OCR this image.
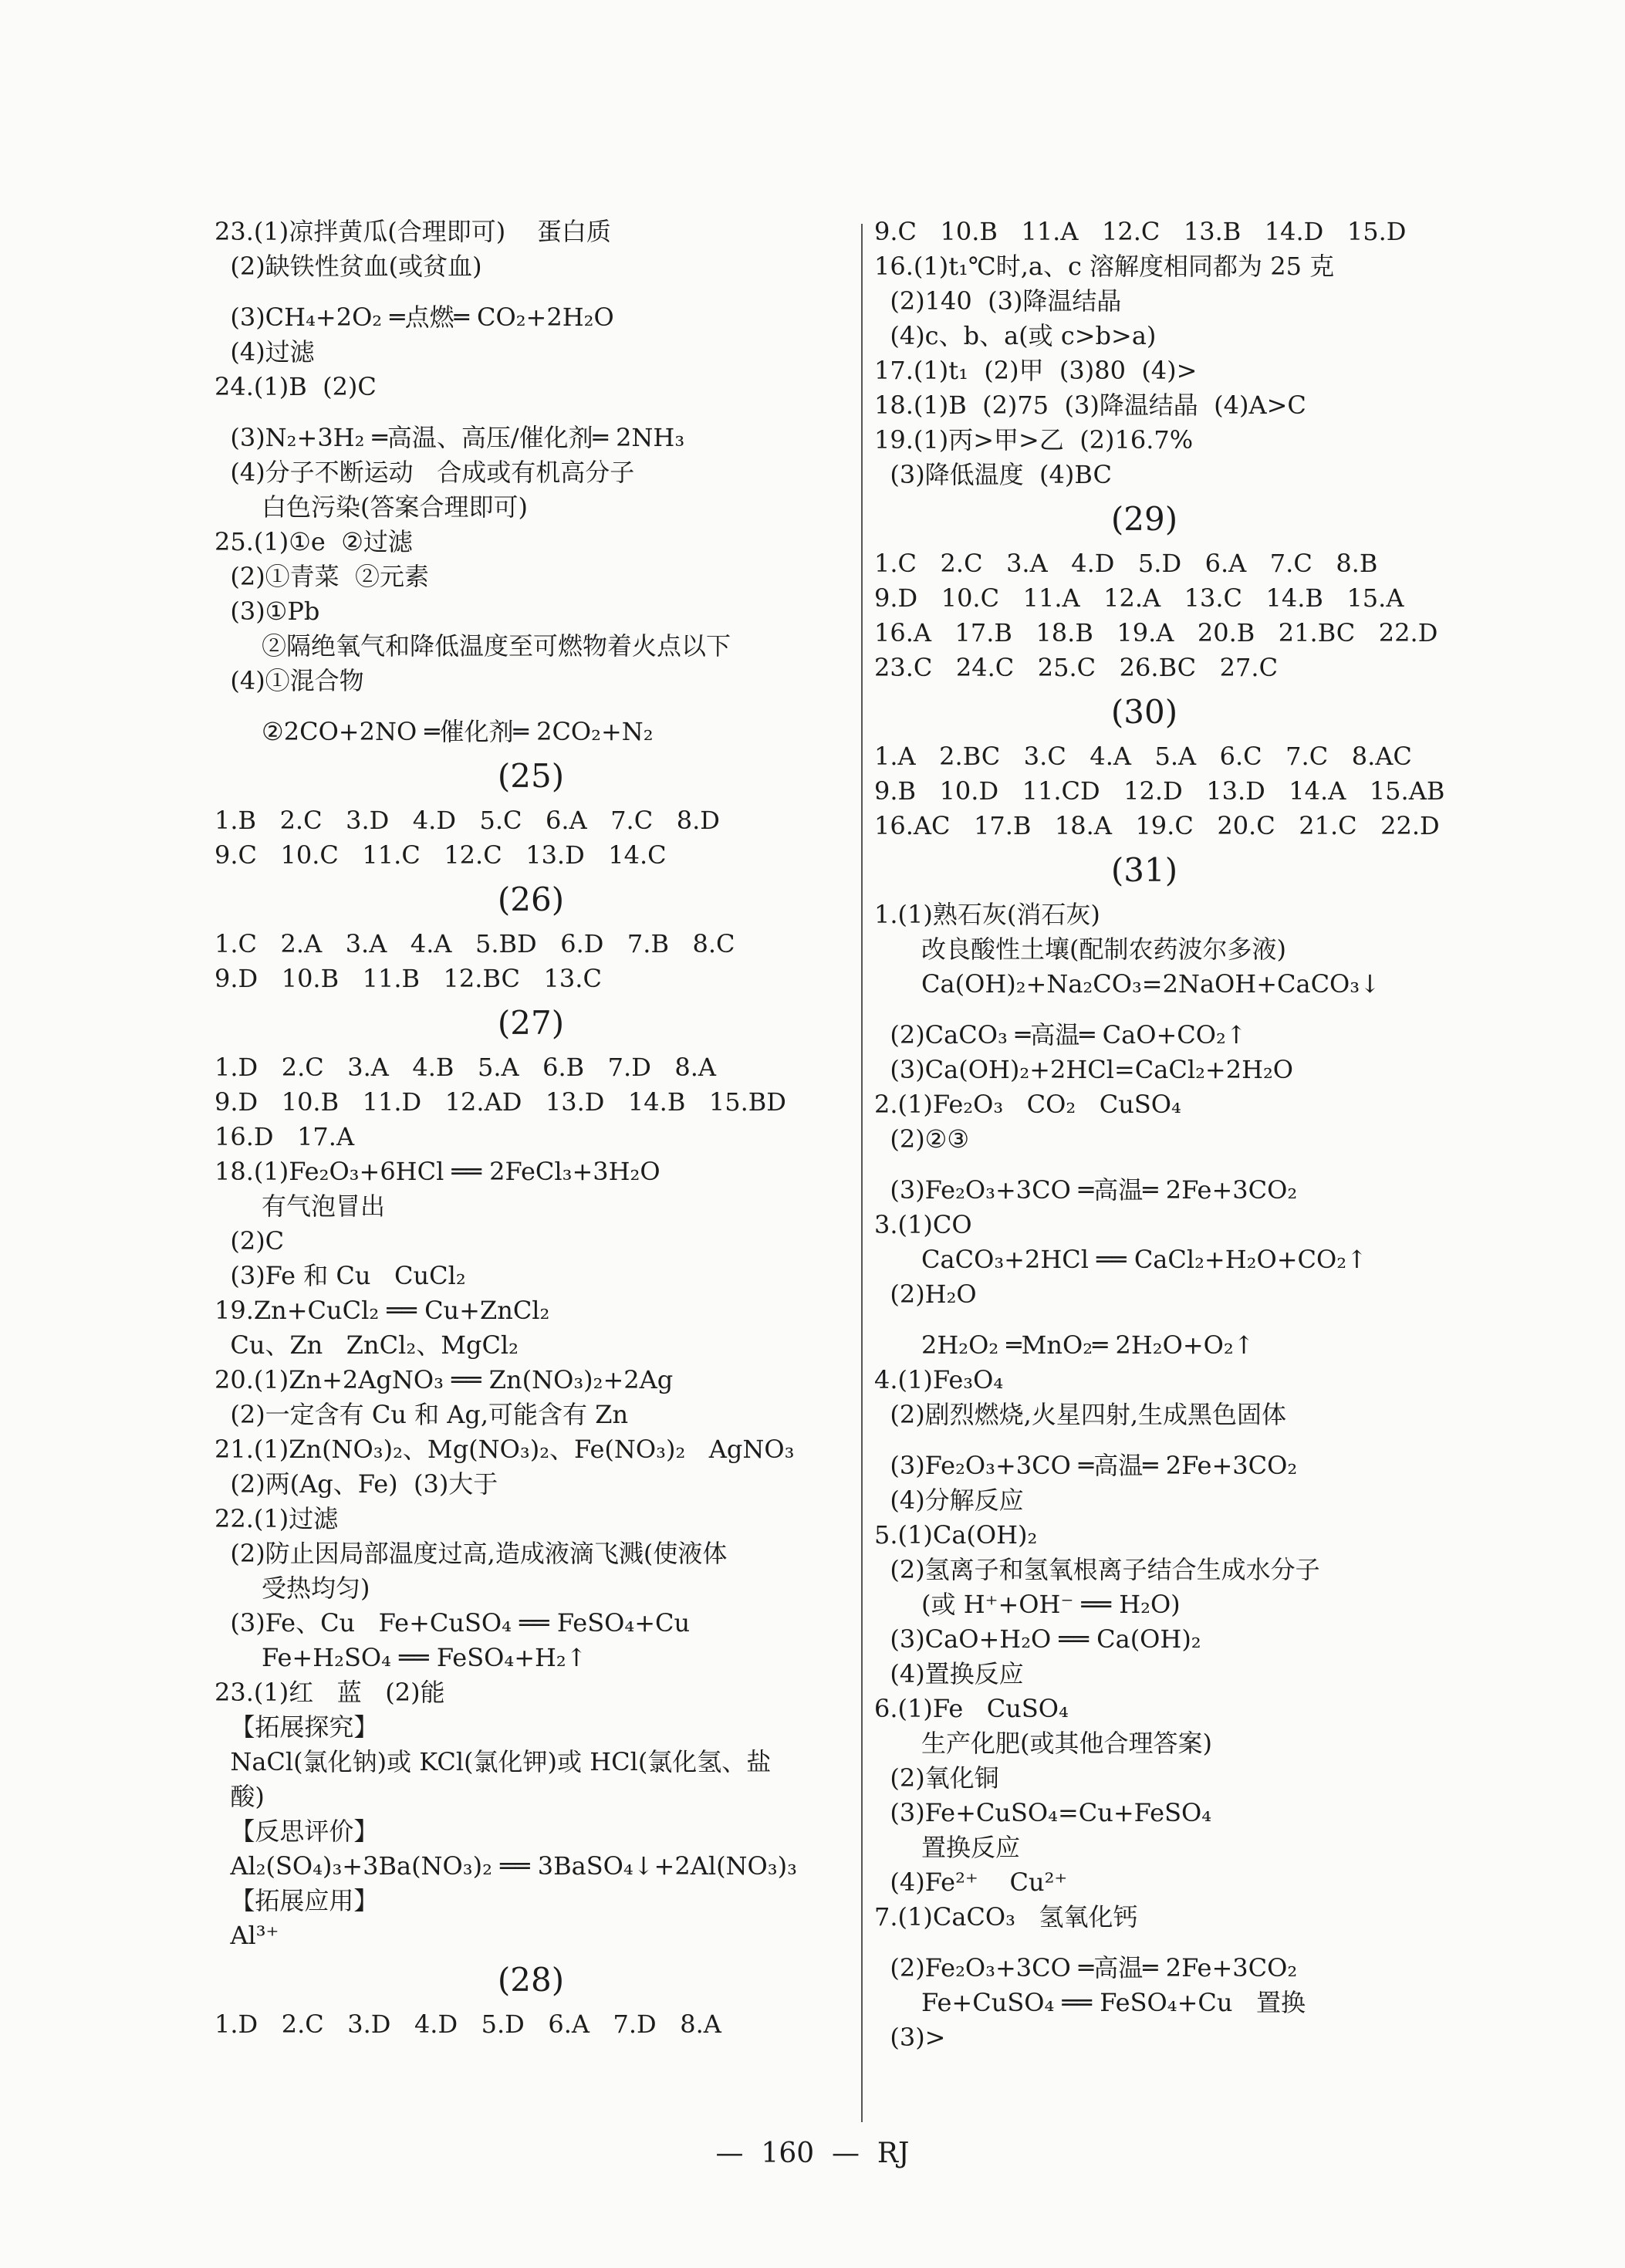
23.(1)凉拌黄瓜(合理即可)    蛋白质
(2)缺铁性贫血(或贫血)
(3)CH₄+2O₂ ═点燃═ CO₂+2H₂O
(4)过滤
24.(1)B  (2)C
(3)N₂+3H₂ ═高温、高压/催化剂═ 2NH₃
(4)分子不断运动   合成或有机高分子
白色污染(答案合理即可)
25.(1)①e  ②过滤
(2)①青菜  ②元素
(3)①Pb
②隔绝氧气和降低温度至可燃物着火点以下
(4)①混合物
②2CO+2NO ═催化剂═ 2CO₂+N₂
(25)
1.B   2.C   3.D   4.D   5.C   6.A   7.C   8.D
9.C   10.C   11.C   12.C   13.D   14.C
(26)
1.C   2.A   3.A   4.A   5.BD   6.D   7.B   8.C
9.D   10.B   11.B   12.BC   13.C
(27)
1.D   2.C   3.A   4.B   5.A   6.B   7.D   8.A
9.D   10.B   11.D   12.AD   13.D   14.B   15.BD
16.D   17.A
18.(1)Fe₂O₃+6HCl ══ 2FeCl₃+3H₂O
有气泡冒出
(2)C
(3)Fe 和 Cu   CuCl₂
19.Zn+CuCl₂ ══ Cu+ZnCl₂
Cu、Zn   ZnCl₂、MgCl₂
20.(1)Zn+2AgNO₃ ══ Zn(NO₃)₂+2Ag
(2)一定含有 Cu 和 Ag,可能含有 Zn
21.(1)Zn(NO₃)₂、Mg(NO₃)₂、Fe(NO₃)₂   AgNO₃
(2)两(Ag、Fe)  (3)大于
22.(1)过滤
(2)防止因局部温度过高,造成液滴飞溅(使液体
受热均匀)
(3)Fe、Cu   Fe+CuSO₄ ══ FeSO₄+Cu
Fe+H₂SO₄ ══ FeSO₄+H₂↑
23.(1)红   蓝   (2)能
【拓展探究】
NaCl(氯化钠)或 KCl(氯化钾)或 HCl(氯化氢、盐
酸)
【反思评价】
Al₂(SO₄)₃+3Ba(NO₃)₂ ══ 3BaSO₄↓+2Al(NO₃)₃
【拓展应用】
Al³⁺
(28)
1.D   2.C   3.D   4.D   5.D   6.A   7.D   8.A
9.C   10.B   11.A   12.C   13.B   14.D   15.D
16.(1)t₁℃时,a、c 溶解度相同都为 25 克
(2)140  (3)降温结晶
(4)c、b、a(或 c>b>a)
17.(1)t₁  (2)甲  (3)80  (4)>
18.(1)B  (2)75  (3)降温结晶  (4)A>C
19.(1)丙>甲>乙  (2)16.7%
(3)降低温度  (4)BC
(29)
1.C   2.C   3.A   4.D   5.D   6.A   7.C   8.B
9.D   10.C   11.A   12.A   13.C   14.B   15.A
16.A   17.B   18.B   19.A   20.B   21.BC   22.D
23.C   24.C   25.C   26.BC   27.C
(30)
1.A   2.BC   3.C   4.A   5.A   6.C   7.C   8.AC
9.B   10.D   11.CD   12.D   13.D   14.A   15.AB
16.AC   17.B   18.A   19.C   20.C   21.C   22.D
(31)
1.(1)熟石灰(消石灰)
改良酸性土壤(配制农药波尔多液)
Ca(OH)₂+Na₂CO₃=2NaOH+CaCO₃↓
(2)CaCO₃ ═高温═ CaO+CO₂↑
(3)Ca(OH)₂+2HCl=CaCl₂+2H₂O
2.(1)Fe₂O₃   CO₂   CuSO₄
(2)②③
(3)Fe₂O₃+3CO ═高温═ 2Fe+3CO₂
3.(1)CO
CaCO₃+2HCl ══ CaCl₂+H₂O+CO₂↑
(2)H₂O
2H₂O₂ ═MnO₂═ 2H₂O+O₂↑
4.(1)Fe₃O₄
(2)剧烈燃烧,火星四射,生成黑色固体
(3)Fe₂O₃+3CO ═高温═ 2Fe+3CO₂
(4)分解反应
5.(1)Ca(OH)₂
(2)氢离子和氢氧根离子结合生成水分子
(或 H⁺+OH⁻ ══ H₂O)
(3)CaO+H₂O ══ Ca(OH)₂
(4)置换反应
6.(1)Fe   CuSO₄
生产化肥(或其他合理答案)
(2)氧化铜
(3)Fe+CuSO₄=Cu+FeSO₄
置换反应
(4)Fe²⁺    Cu²⁺
7.(1)CaCO₃   氢氧化钙
(2)Fe₂O₃+3CO ═高温═ 2Fe+3CO₂
Fe+CuSO₄ ══ FeSO₄+Cu   置换
(3)>
—  160  —  RJ
